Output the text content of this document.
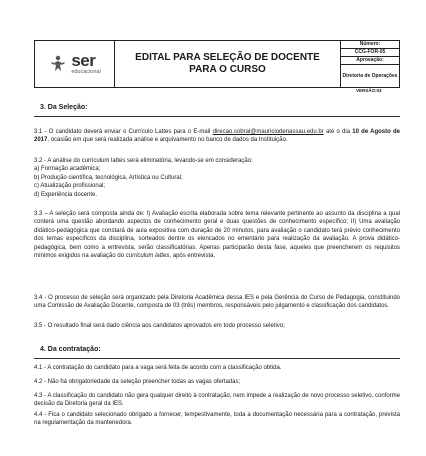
ser
educacional
EDITAL PARA SELEÇÃO DE DOCENTE
PARA O CURSO
Número:
CCG-FOR-05
Aprovação:
Diretoria de Operações
VERSÃO:03
3. Da Seleção:

3.1 - O candidato deverá enviar o Currículo Lattes para o E-mail direcao.sobral@mauriciodenassau.edu.br até o dia 10 de Agosto de 2017, ocasião em que será realizada análise e arquivamento no banco de dados da Instituição.

3.2 - A análise do curriculum lattes será eliminatória, levando-se em consideração:

a) Formação acadêmica;

b) Produção científica, tecnológica, Artística ou Cultural;

c) Atualização profissional;

d) Experiência docente.

3.3 – A seleção será composta ainda de: I) Avaliação escrita elaborada sobre tema relevante pertinente ao assunto da disciplina a qual conterá uma questão abordando aspectos de conhecimento geral e duas questões de conhecimento específico; II) Uma avaliação didático-pedagógica que constará de aula expositiva com duração de 20 minutos, para avaliação o candidato terá prévio conhecimento dos temas específicos da disciplina, sorteados dentre os elencados no ementário para realização da avaliação. A prova didático-pedagógica, bem como a entrevista, serão classificatórias. Apenas participarão desta fase, aqueles que preencherem os requisitos mínimos exigidos na avaliação do curriculum lattes, após entrevista.

3.4 - O processo de seleção será organizado pela Diretoria Acadêmica dessa IES e pela Gerência do Curso de Pedagogia, constituindo uma Comissão de Avaliação Docente, composta de 03 (três) membros, responsáveis pelo julgamento e classificação dos candidatos.

3.5 - O resultado final será dado ciência aos candidatos aprovados em todo processo seletivo;

4. Da contratação:

4.1 - A contratação do candidato para a vaga será feita de acordo com a classificação obtida.

4.2 - Não há obrigatoriedade da seleção preencher todas as vagas ofertadas;

4.3 - A classificação do candidato não gera qualquer direito à contratação, nem impede a realização de novo processo seletivo, conforme decisão da Diretoria geral da IES.

4.4 - Fica o candidato selecionado obrigado a fornecer, tempestivamente, toda a documentação necessária para a contratação, prevista na regulamentação da mantenedora.
